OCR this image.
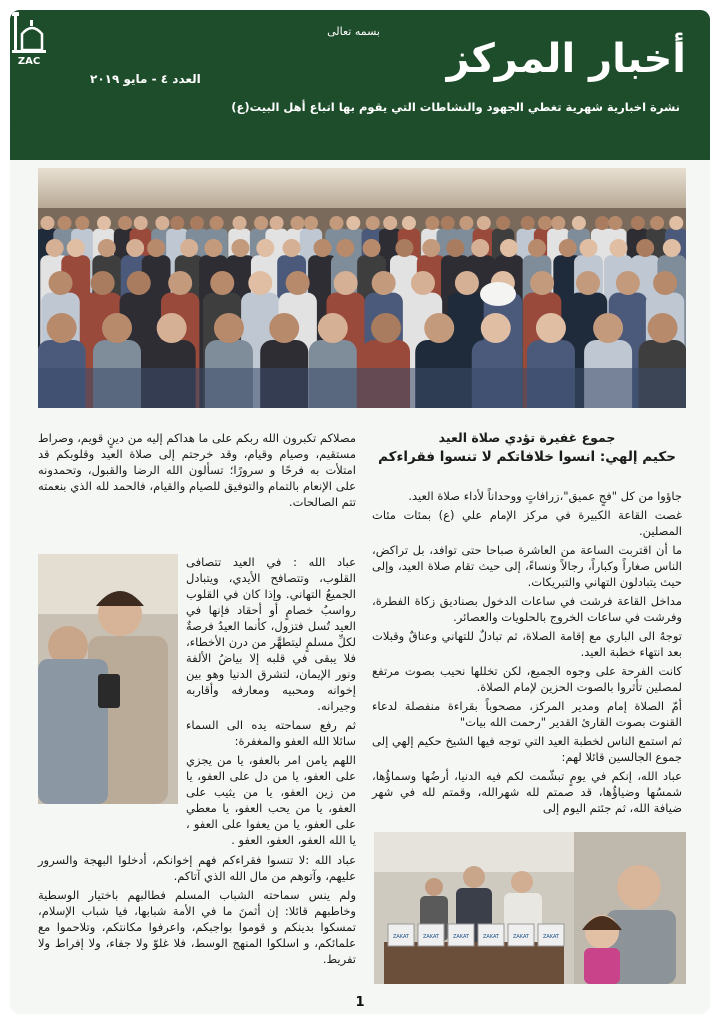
ZAC
بسمه تعالى
أخبار المركز
العدد ٤ - مايو ٢٠١٩
نشرة اخبارية شهرية تغطي الجهود والنشاطات التي يقوم بها اتباع أهل البيت(ع)
إنطلاقا من مركز الإمام علي (ع) او تحت سقفه.
جموع غفيرة تؤدي صلاة العيد
حكيم إلهي: انسوا خلافاتكم لا تنسوا فقراءكم

جاؤوا من كل "فجٍ عميق"،زرافاتٍ ووحداناً لأداء صلاة العيد.

غصت القاعة الكبيرة في مركز الإمام علي (ع) بمئات مئات المصلين.

ما أن اقتربت الساعة من العاشرة صباحا حتى توافد، بل تراكض، الناس صغاراً وكباراً، رجالاً ونساءً، إلى حيث تقام صلاة العيد، وإلى حيث يتبادلون التهاني والتبريكات.

مداخل القاعة فرشت في ساعات الدخول بصناديق زكاة الفطرة، وفرشت في ساعات الخروج بالحلويات والعصائر.

توجهٌ الى الباري مع إقامة الصلاة، ثم تبادلٌ للتهاني وعناقٌ وقبلات بعد انتهاء خطبة العيد.

كانت الفرحة على وجوه الجميع، لكن تخللها نحيب بصوت مرتفع لمصلين تأثروا بالصوت الحزين لإمام الصلاة.

أمّ الصلاة إمام ومدير المركز، مصحوباً بقراءة منفصلة لدعاء القنوت بصوت القارئ القدير "رحمت الله بيات"

ثم استمع الناس لخطبة العيد التي توجه فيها الشيخ حكيم إلهي إلى جموع الجالسين قائلا لهم:

عباد الله، إنكم في يومٍ تبشّمت لكم فيه الدنيا، أرضُها وسماؤُها، شمسُها وضياؤُها، قد صمتم لله شهرالله، وقمتم لله في شهر ضيافة الله، ثم جئتم اليوم إلى

ZAKAT	ZAKAT	ZAKAT	ZAKAT	ZAKAT	ZAKAT

مصلاكم تكبرون الله ربكم على ما هداكم إليه من دينٍ قويم، وصراط مستقيم، وصيام وقيام، وقد خرجتم إلى صلاة العيد وقلوبكم قد امتلأت به فرحًا و سرورًا؛ تسألون الله الرضا والقبول، وتحمدونه على الإنعام بالتمام والتوفيق للصيام والقيام، فالحمد لله الذي بنعمته تتم الصالحات.

عباد الله : في العيد تتصافى القلوب، وتتصافح الأيدي، ويتبادل الجميعُ التهاني. وإذا كان في القلوب رواسبُ خصامٍ أو أحقاد فإنها في العيد تُسل فتزول، كأنما العيدُ فرصةٌ لكلِّ مسلمٍ ليتطهَّر من درن الأخطاء، فلا يبقى في قلبه إلا بياضُ الألفة ونور الإيمان، لتشرق الدنيا وهو بين إخوانه ومحبيه ومعارفه وأقاربه وجيرانه.

ثم رفع سماحته يده الى السماء سائلا الله العفو والمغفرة:

اللهم يامن امر بالعفو، يا من يجزي على العفو، يا من دل على العفو، يا من زين العفو، يا من يثيب على العفو، يا من يحب العفو، يا معطي على العفو، يا من يعفوا على العفو ، يا الله العفو، العفو، العفو .

عباد الله :لا تنسوا فقراءكم فهم إخوانكم، أدخلوا البهجة والسرور عليهم، وآتوهم من مال الله الذي آتاكم.

ولم ينس سماحته الشباب المسلم فطالبهم باختيار الوسطية وخاطبهم قائلا: إن أثمنَ ما في الأمة شبابها، فيا شباب الإسلام، تمسكوا بدينكم و قوموا بواجبكم، واعرفوا مكانتكم، وتلاحموا مع علمائكم، و اسلكوا المنهج الوسط، فلا غلوّ ولا جفاء، ولا إفراط ولا تفريط.

1
